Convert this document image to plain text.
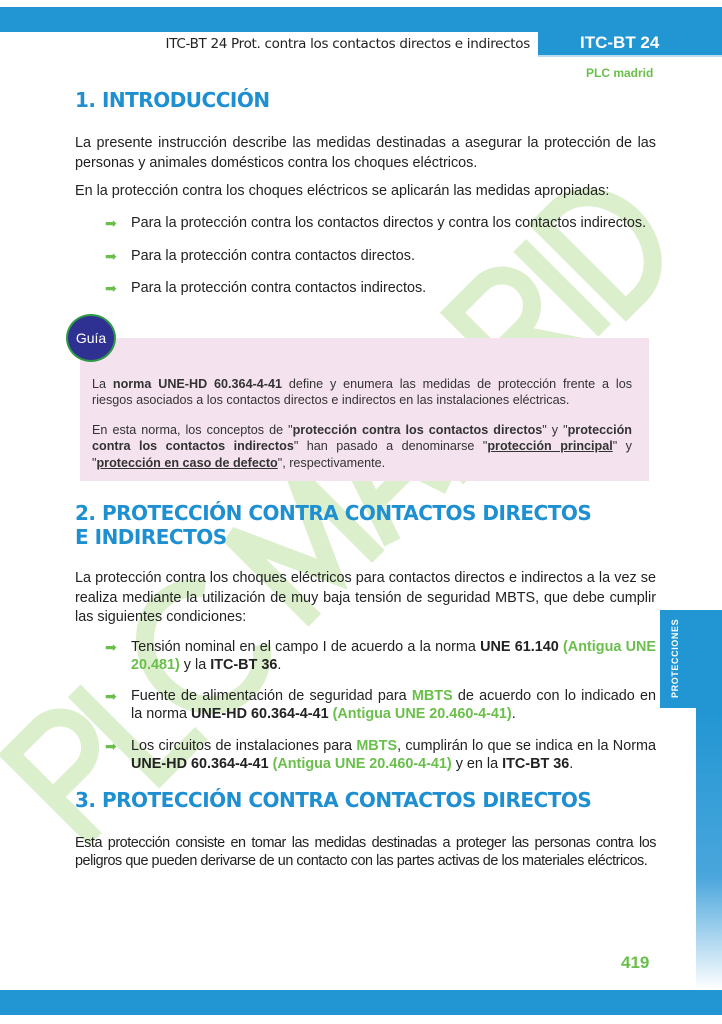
ITC-BT 24 Prot. contra los contactos directos e indirectos	ITC-BT 24
PLC madrid
1. INTRODUCCIÓN
La presente instrucción describe las medidas destinadas a asegurar la protección de las personas y animales domésticos contra los choques eléctricos.
En la protección contra los choques eléctricos se aplicarán las medidas apropiadas:
➡ Para la protección contra los contactos directos y contra los contactos indirectos.
➡ Para la protección contra contactos directos.
➡ Para la protección contra contactos indirectos.
Guía
La norma UNE-HD 60.364-4-41 define y enumera las medidas de protección frente a los riesgos asociados a los contactos directos e indirectos en las instalaciones eléctricas.
En esta norma, los conceptos de "protección contra los contactos directos" y "protección contra los contactos indirectos" han pasado a denominarse "protección principal" y "protección en caso de defecto", respectivamente.
2. PROTECCIÓN CONTRA CONTACTOS DIRECTOS E INDIRECTOS
La protección contra los choques eléctricos para contactos directos e indirectos a la vez se realiza mediante la utilización de muy baja tensión de seguridad MBTS, que debe cumplir las siguientes condiciones:
➡ Tensión nominal en el campo I de acuerdo a la norma UNE 61.140 (Antigua UNE 20.481) y la ITC-BT 36.
➡ Fuente de alimentación de seguridad para MBTS de acuerdo con lo indicado en la norma UNE-HD 60.364-4-41 (Antigua UNE 20.460-4-41).
➡ Los circuitos de instalaciones para MBTS, cumplirán lo que se indica en la Norma UNE-HD 60.364-4-41 (Antigua UNE 20.460-4-41) y en la ITC-BT 36.
3. PROTECCIÓN CONTRA CONTACTOS DIRECTOS
Esta protección consiste en tomar las medidas destinadas a proteger las personas contra los peligros que pueden derivarse de un contacto con las partes activas de los materiales eléctricos.
PROTECCIONES
419
